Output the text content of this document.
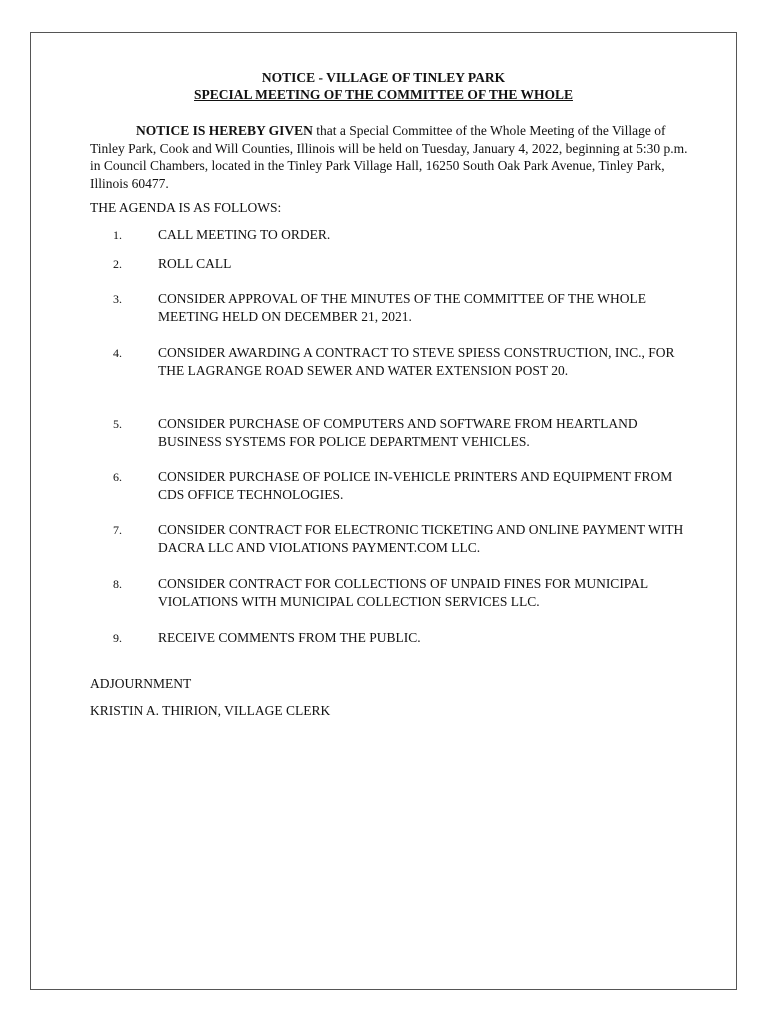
NOTICE - VILLAGE OF TINLEY PARK
SPECIAL MEETING OF THE COMMITTEE OF THE WHOLE

NOTICE IS HEREBY GIVEN that a Special Committee of the Whole Meeting of the Village of Tinley Park, Cook and Will Counties, Illinois will be held on Tuesday, January 4, 2022, beginning at 5:30 p.m. in Council Chambers, located in the Tinley Park Village Hall, 16250 South Oak Park Avenue, Tinley Park, Illinois 60477.

THE AGENDA IS AS FOLLOWS:
1.	CALL MEETING TO ORDER.
2.	ROLL CALL
3.	CONSIDER APPROVAL OF THE MINUTES OF THE COMMITTEE OF THE WHOLE MEETING HELD ON DECEMBER 21, 2021.
4.	CONSIDER AWARDING A CONTRACT TO STEVE SPIESS CONSTRUCTION, INC., FOR THE LAGRANGE ROAD SEWER AND WATER EXTENSION POST 20.
5.	CONSIDER PURCHASE OF COMPUTERS AND SOFTWARE FROM HEARTLAND BUSINESS SYSTEMS FOR POLICE DEPARTMENT VEHICLES.
6.	CONSIDER PURCHASE OF POLICE IN-VEHICLE PRINTERS AND EQUIPMENT FROM CDS OFFICE TECHNOLOGIES.
7.	CONSIDER CONTRACT FOR ELECTRONIC TICKETING AND ONLINE PAYMENT WITH DACRA LLC AND VIOLATIONS PAYMENT.COM LLC.
8.	CONSIDER CONTRACT FOR COLLECTIONS OF UNPAID FINES FOR MUNICIPAL VIOLATIONS WITH MUNICIPAL COLLECTION SERVICES LLC.
9.	RECEIVE COMMENTS FROM THE PUBLIC.
ADJOURNMENT
KRISTIN A. THIRION, VILLAGE CLERK
